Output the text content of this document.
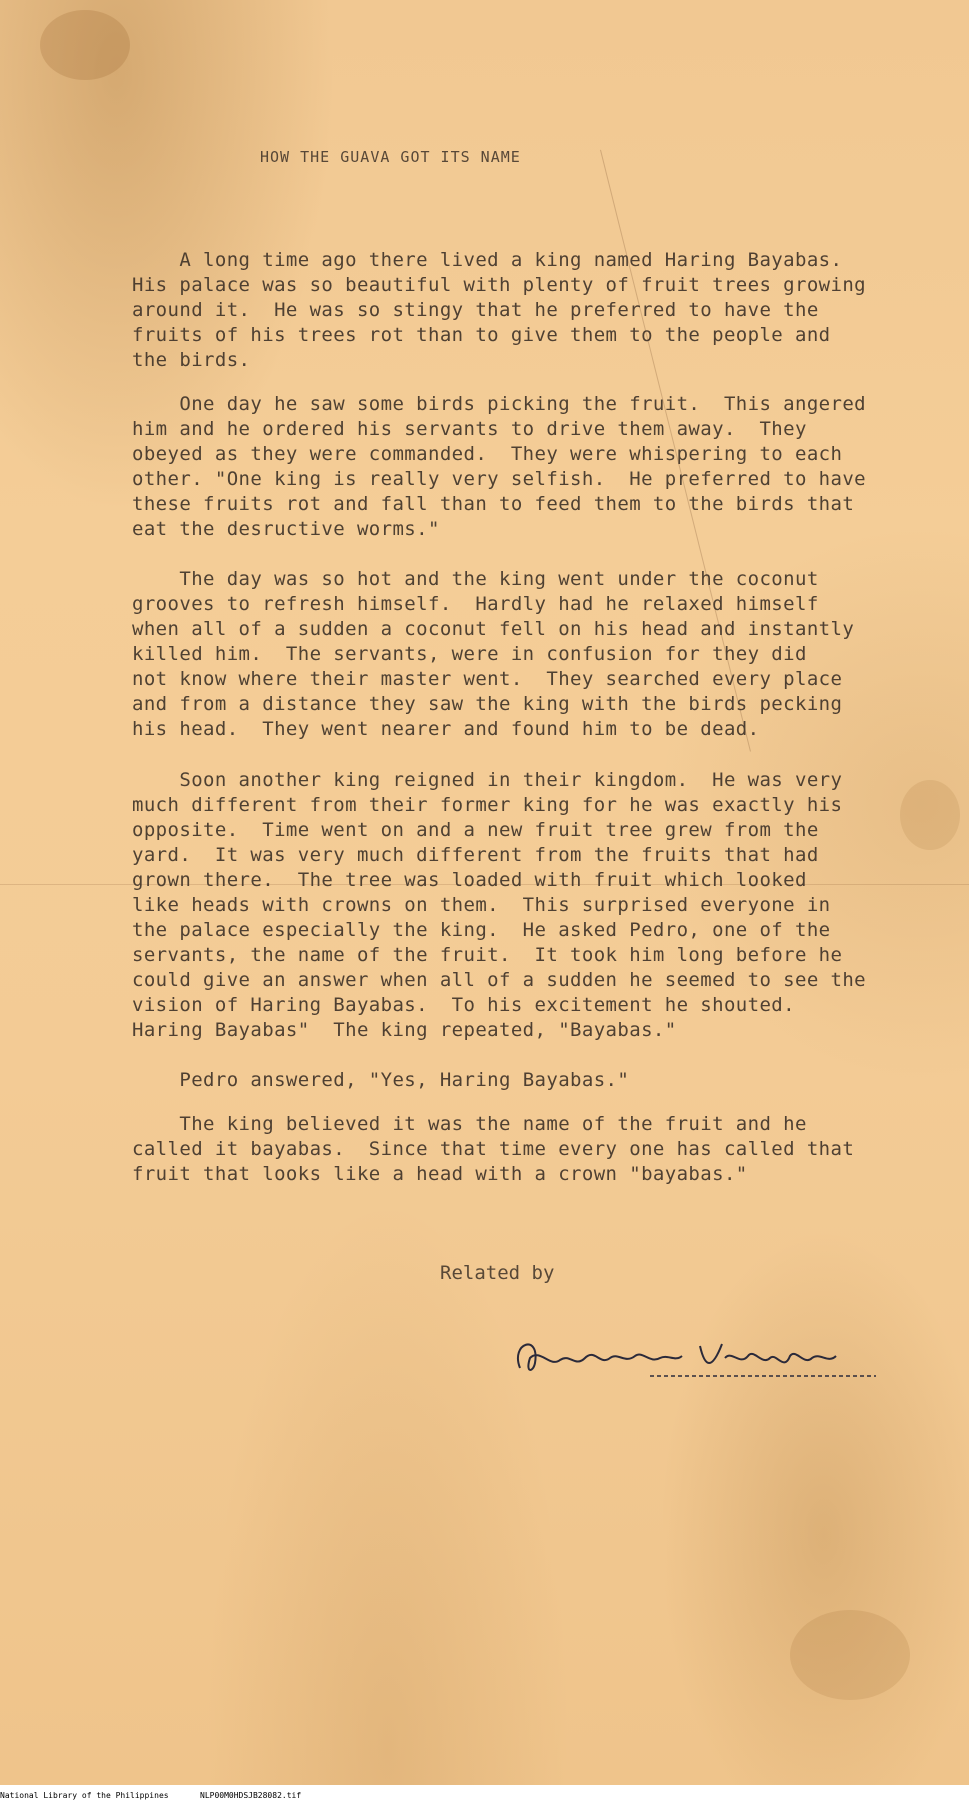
HOW THE GUAVA GOT ITS NAME

A long time ago there lived a king named Haring Bayabas.
His palace was so beautiful with plenty of fruit trees growing
around it.  He was so stingy that he preferred to have the
fruits of his trees rot than to give them to the people and
the birds.

One day he saw some birds picking the fruit.  This angered
him and he ordered his servants to drive them away.  They
obeyed as they were commanded.  They were whispering to each
other. "One king is really very selfish.  He preferred to have
these fruits rot and fall than to feed them to the birds that
eat the desructive worms."

The day was so hot and the king went under the coconut
grooves to refresh himself.  Hardly had he relaxed himself
when all of a sudden a coconut fell on his head and instantly
killed him.  The servants, were in confusion for they did
not know where their master went.  They searched every place
and from a distance they saw the king with the birds pecking
his head.  They went nearer and found him to be dead.

Soon another king reigned in their kingdom.  He was very
much different from their former king for he was exactly his
opposite.  Time went on and a new fruit tree grew from the
yard.  It was very much different from the fruits that had
grown there.  The tree was loaded with fruit which looked
like heads with crowns on them.  This surprised everyone in
the palace especially the king.  He asked Pedro, one of the
servants, the name of the fruit.  It took him long before he
could give an answer when all of a sudden he seemed to see the
vision of Haring Bayabas.  To his excitement he shouted.
Haring Bayabas"  The king repeated, "Bayabas."

Pedro answered, "Yes, Haring Bayabas."

The king believed it was the name of the fruit and he
called it bayabas.  Since that time every one has called that
fruit that looks like a head with a crown "bayabas."

Related by
National Library of the Philippines	NLP00M0HDSJB28082.tif
